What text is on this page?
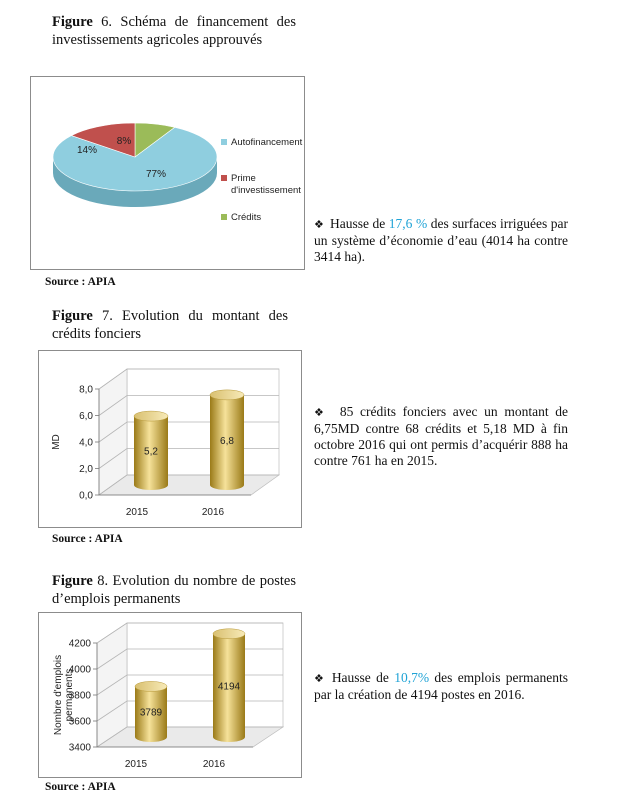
Figure 6. Schéma de financement des investissements agricoles approuvés
77%
14%
8%	Autofinancement
Prime
d'investissement
Crédits
Source : APIA
❖ Hausse de 17,6 % des surfaces irriguées par un système d’économie d’eau (4014 ha contre 3414 ha).
Figure 7. Evolution du montant des crédits fonciers
0,0
2,0
4,0
6,0
8,0
5,2
2015
6,8
2016
MD
Source : APIA
❖ 85 crédits fonciers avec un montant de 6,75MD contre 68 crédits et 5,18 MD à fin octobre 2016 qui ont permis d’acquérir 888 ha contre 761 ha en 2015.
Figure 8. Evolution du nombre de postes d’emplois permanents
3400
3600
3800
4000
4200
3789
2015
4194
2016
Nombre d'emplois permanents
Source : APIA
❖ Hausse de 10,7% des emplois permanents par la création de 4194 postes en 2016.
